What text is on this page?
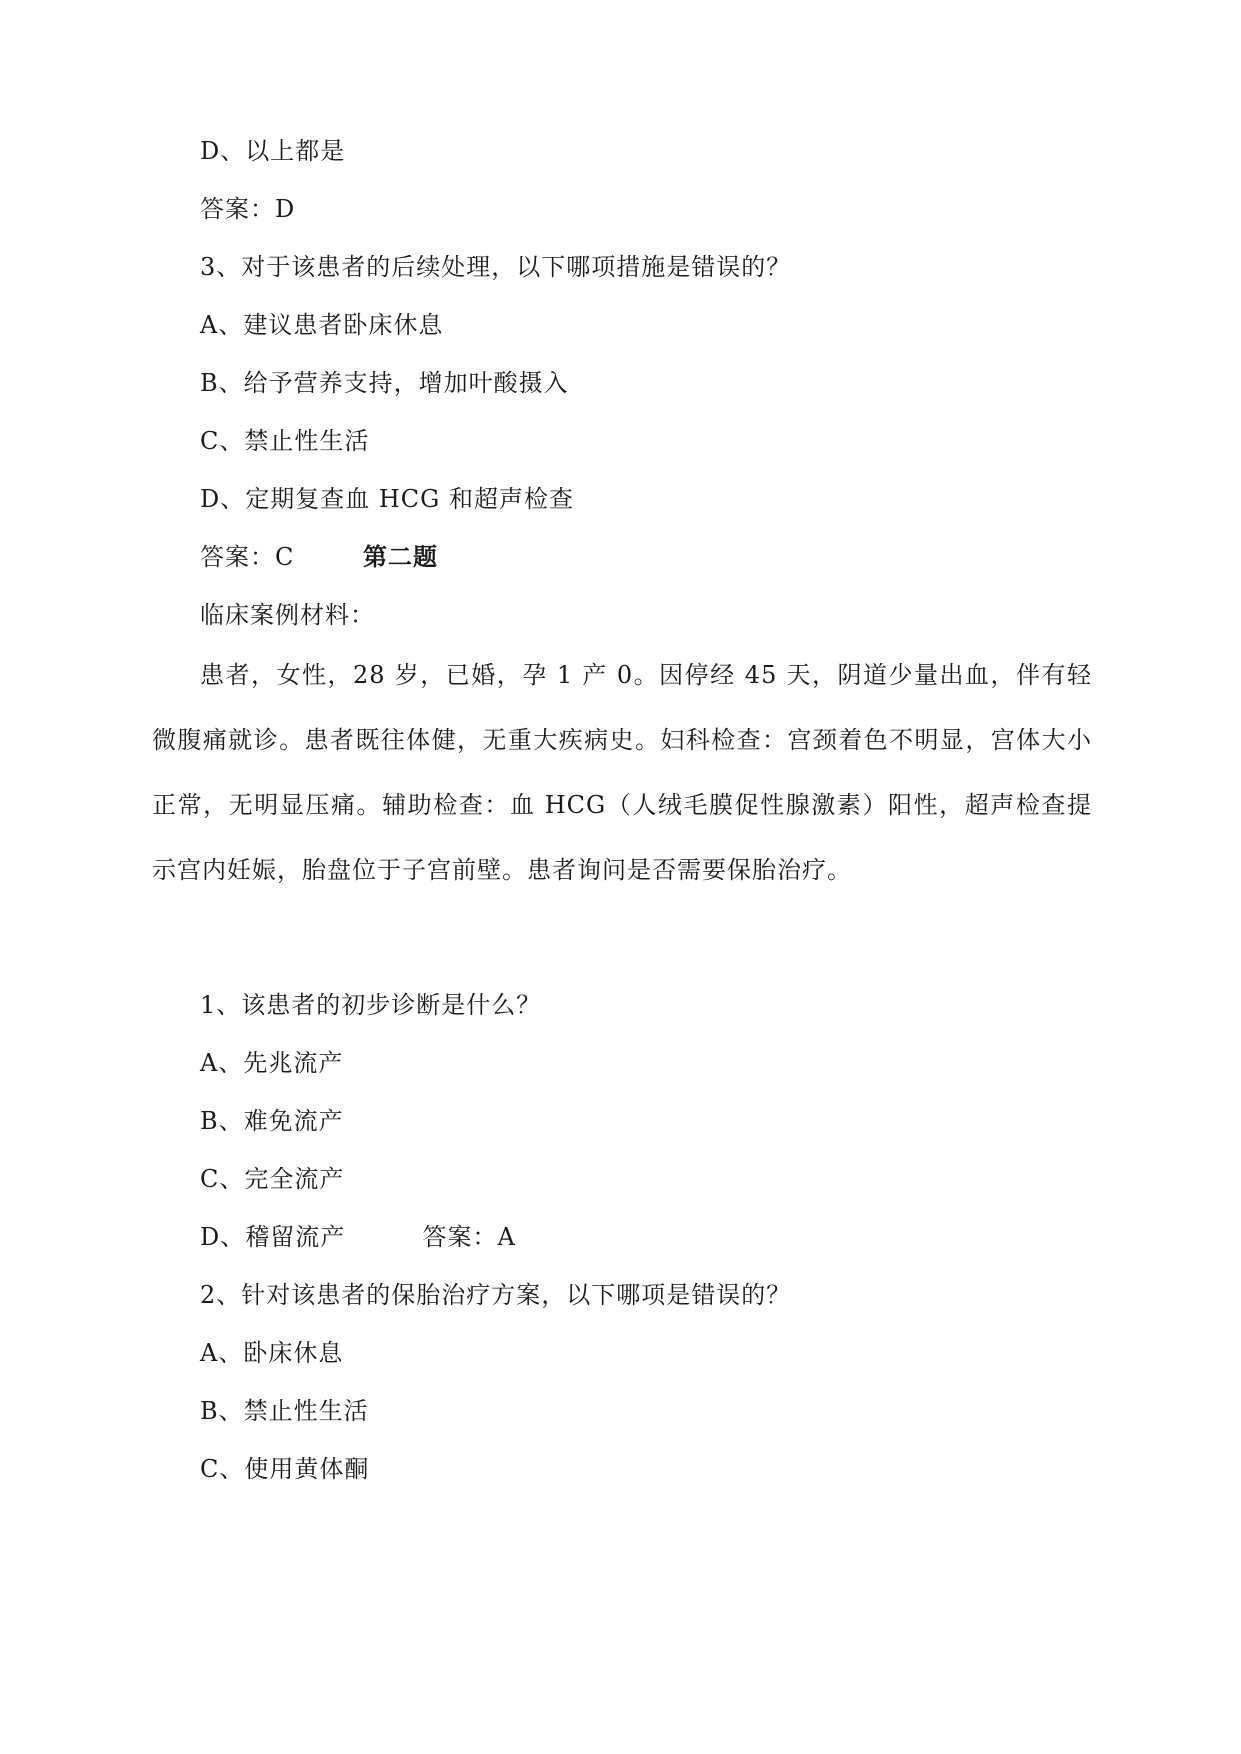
D、以上都是
答案：D
3、对于该患者的后续处理，以下哪项措施是错误的？
A、建议患者卧床休息
B、给予营养支持，增加叶酸摄入
C、禁止性生活
D、定期复查血 HCG 和超声检查
答案：C	第二题
临床案例材料：
患者，女性，28 岁，已婚，孕 1 产 0。因停经 45 天，阴道少量出血，伴有轻微腹痛就诊。患者既往体健，无重大疾病史。妇科检查：宫颈着色不明显，宫体大小正常，无明显压痛。辅助检查：血 HCG（人绒毛膜促性腺激素）阳性，超声检查提示宫内妊娠，胎盘位于子宫前壁。患者询问是否需要保胎治疗。
1、该患者的初步诊断是什么？
A、先兆流产
B、难免流产
C、完全流产
D、稽留流产	答案：A
2、针对该患者的保胎治疗方案，以下哪项是错误的？
A、卧床休息
B、禁止性生活
C、使用黄体酮
